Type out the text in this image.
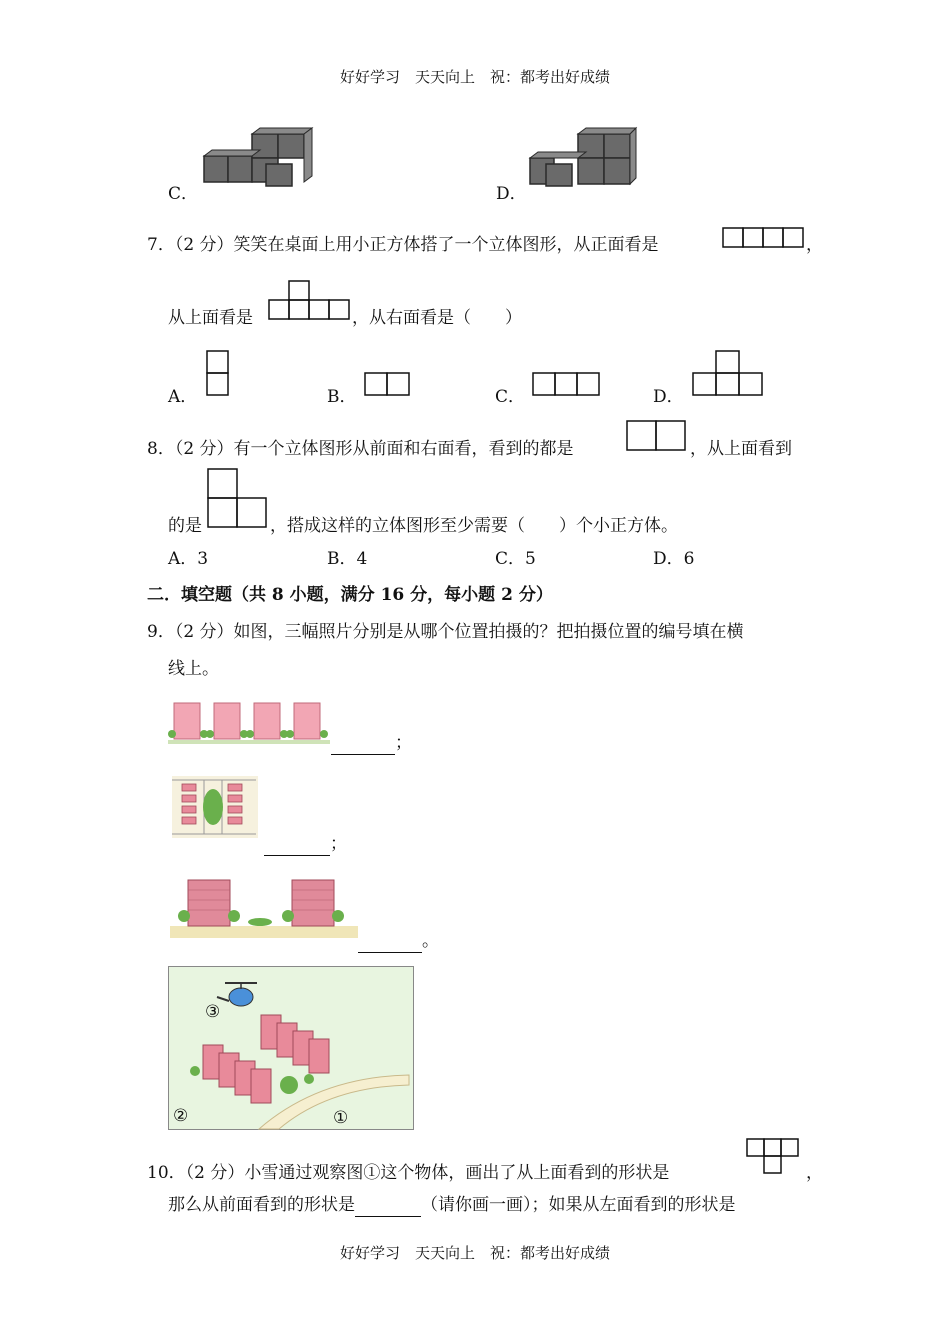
好好学习　天天向上　祝：都考出好成绩
C．	D．
7．（2 分）笑笑在桌面上用小正方体搭了一个立体图形，从正面看是	，
从上面看是	，从右面看是（　　）
A．	B．	C．	D．
8．（2 分）有一个立体图形从前面和右面看，看到的都是	，从上面看到
的是	，搭成这样的立体图形至少需要（　　）个小正方体。
A．3	B．4	C．5	D．6
二．填空题（共 8 小题，满分 16 分，每小题 2 分）
9．（2 分）如图，三幅照片分别是从哪个位置拍摄的？把拍摄位置的编号填在横
线上。
；
；
。
③
②	①
10．（2 分）小雪通过观察图①这个物体，画出了从上面看到的形状是	，
那么从前面看到的形状是	（请你画一画）；如果从左面看到的形状是
好好学习　天天向上　祝：都考出好成绩
